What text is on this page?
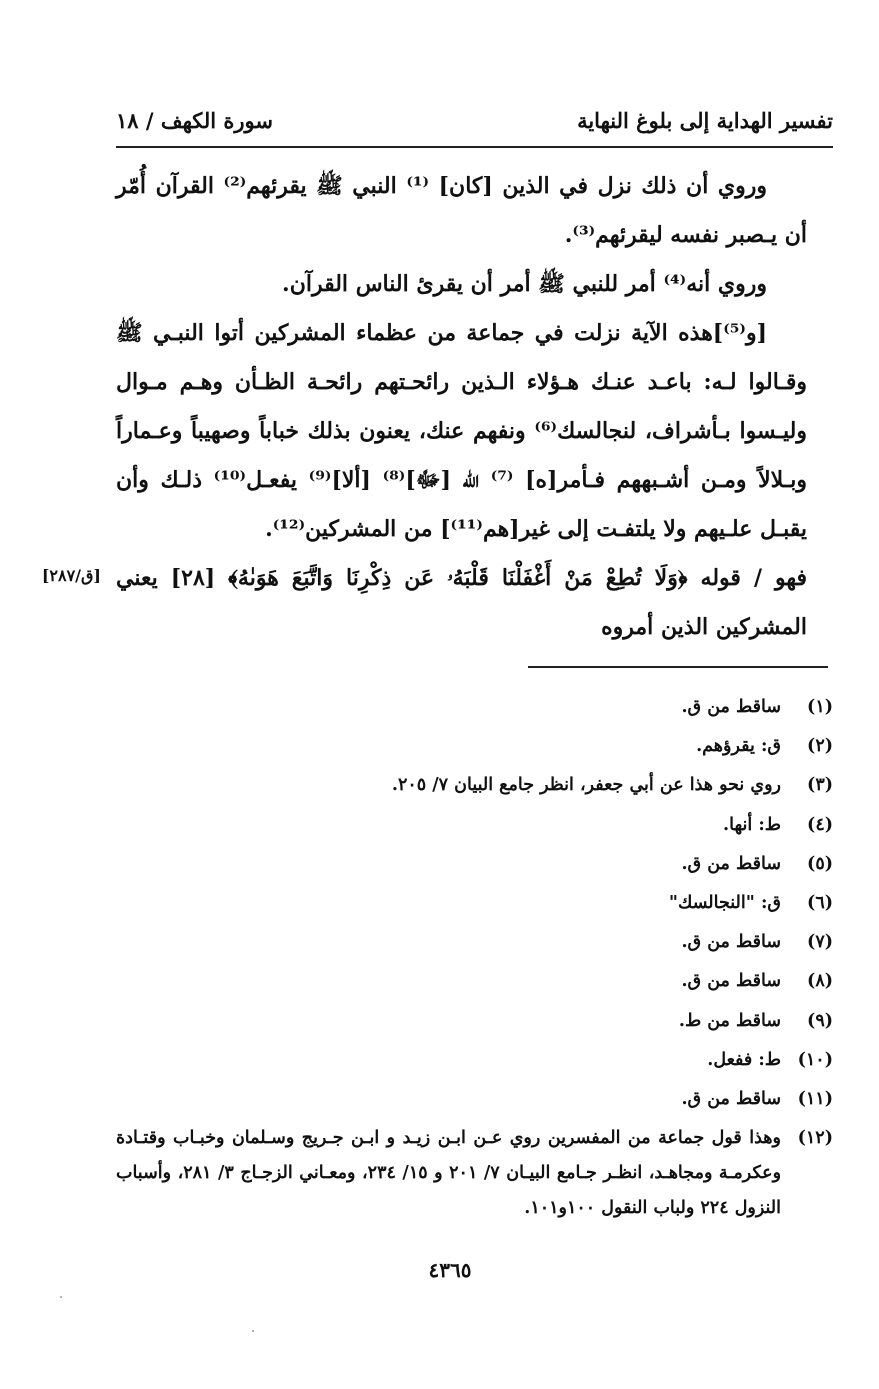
تفسير الهداية إلى بلوغ النهاية
سورة الكهف / ١٨

وروي أن ذلك نزل في الذين [كان] ⁽¹⁾ النبي ﷺ يقرئهم⁽²⁾ القرآن أُمّر أن يـصبر نفسه ليقرئهم⁽³⁾.

وروي أنه⁽⁴⁾ أمر للنبي ﷺ أمر أن يقرئ الناس القرآن.

[و⁽⁵⁾]هذه الآية نزلت في جماعة من عظماء المشركين أتوا النبـي ﷺ وقـالوا لـه: باعـد عنـك هـؤلاء الـذين رائحـتهم رائحـة الظـأن وهـم مـوال وليـسوا بـأشراف، لنجالسك⁽⁶⁾ ونفهم عنك، يعنون بذلك خباباً وصهيباً وعـماراً وبـلالاً ومـن أشـبههم فـأمر[ه] ⁽⁷⁾ الله [ﷻ]⁽⁸⁾ [ألا]⁽⁹⁾ يفعـل⁽¹⁰⁾ ذلـك وأن يقبـل علـيهم ولا يلتفـت إلى غير[هم⁽¹¹⁾] من المشركين⁽¹²⁾.

فهو / قوله ﴿وَلَا تُطِعْ مَنْ أَغْفَلْنَا قَلْبَهُۥ عَن ذِكْرِنَا وَاتَّبَعَ هَوَىٰهُ﴾ [٢٨] يعني المشركين الذين أمروه

[ق/٢٨٧]
(١)
ساقط من ق.
(٢)
ق: يقرؤهم.
(٣)
روي نحو هذا عن أبي جعفر، انظر جامع البيان ٧/ ٢٠٥.
(٤)
ط: أنها.
(٥)
ساقط من ق.
(٦)
ق: "النجالسك"
(٧)
ساقط من ق.
(٨)
ساقط من ق.
(٩)
ساقط من ط.
(١٠)
ط: ففعل.
(١١)
ساقط من ق.
(١٢)
وهذا قول جماعة من المفسرين روي عـن ابـن زيـد و ابـن جـريج وسـلمان وخبـاب وقتـادة وعكرمـة ومجاهـد، انظـر جـامع البيـان ٧/ ٢٠١ و ١٥/ ٢٣٤، ومعـاني الزجـاج ٣/ ٢٨١، وأسباب النزول ٢٢٤ ولباب النقول ١٠٠و١٠١.
٤٣٦٥
